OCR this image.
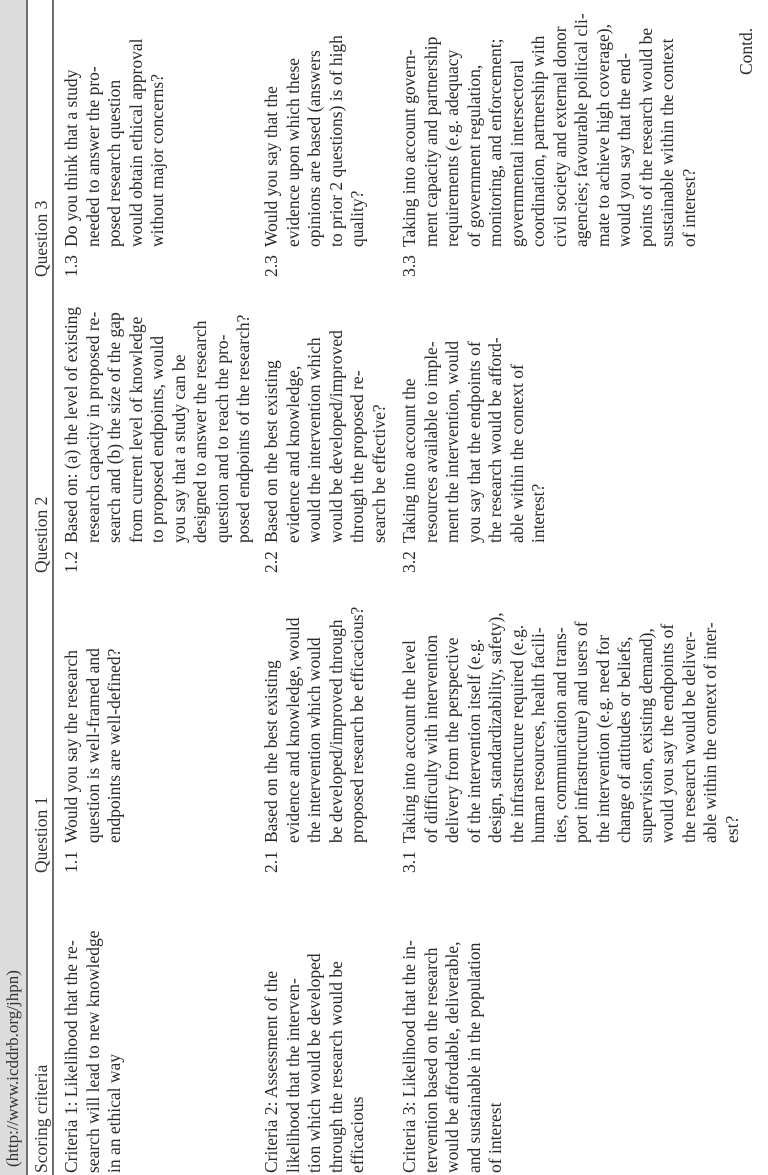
(http://www.icddrb.org/jhpn) Scoring criteria
Question 1
Question 2
Question 3
Criteria 1: Likelihood that the re- search will lead to new knowledge in an ethical way
1.1
Would you say the research question is well-framed and endpoints are well-defined?
1.2
Based on: (a) the level of existing research capacity in proposed re- search and (b) the size of the gap from current level of knowledge to proposed endpoints, would you say that a study can be designed to answer the research question and to reach the pro- posed endpoints of the research?
1.3
Do you think that a study needed to answer the pro- posed research question would obtain ethical approval without major concerns?
Criteria 2: Assessment of the likelihood that the interven- tion which would be developed through the research would be efficacious
2.1
Based on the best existing evidence and knowledge, would the intervention which would be developed/improved through proposed research be efficacious?
2.2
Based on the best existing evidence and knowledge, would the intervention which would be developed/improved through the proposed re- search be effective?
2.3
Would you say that the evidence upon which these opinions are based (answers to prior 2 questions) is of high quality?
Criteria 3: Likelihood that the in- tervention based on the research would be affordable, deliverable, and sustainable in the population of interest
3.1
Taking into account the level of difficulty with intervention delivery from the perspective of the intervention itself (e.g. design, standardizability, safety), the infrastructure required (e.g. human resources, health facili- ties, communication and trans- port infrastructure) and users of the intervention (e.g. need for change of attitudes or beliefs, supervision, existing demand), would you say the endpoints of the research would be deliver- able within the context of inter- est?
3.2
Taking into account the resources available to imple- ment the intervention, would you say that the endpoints of the research would be afford- able within the context of interest?
3.3
Taking into account govern- ment capacity and partnership requirements (e.g. adequacy of government regulation, monitoring, and enforcement; governmental intersectoral coordination, partnership with civil society and external donor agencies; favourable political cli- mate to achieve high coverage), would you say that the end- points of the research would be sustainable within the context of interest?
Contd.
